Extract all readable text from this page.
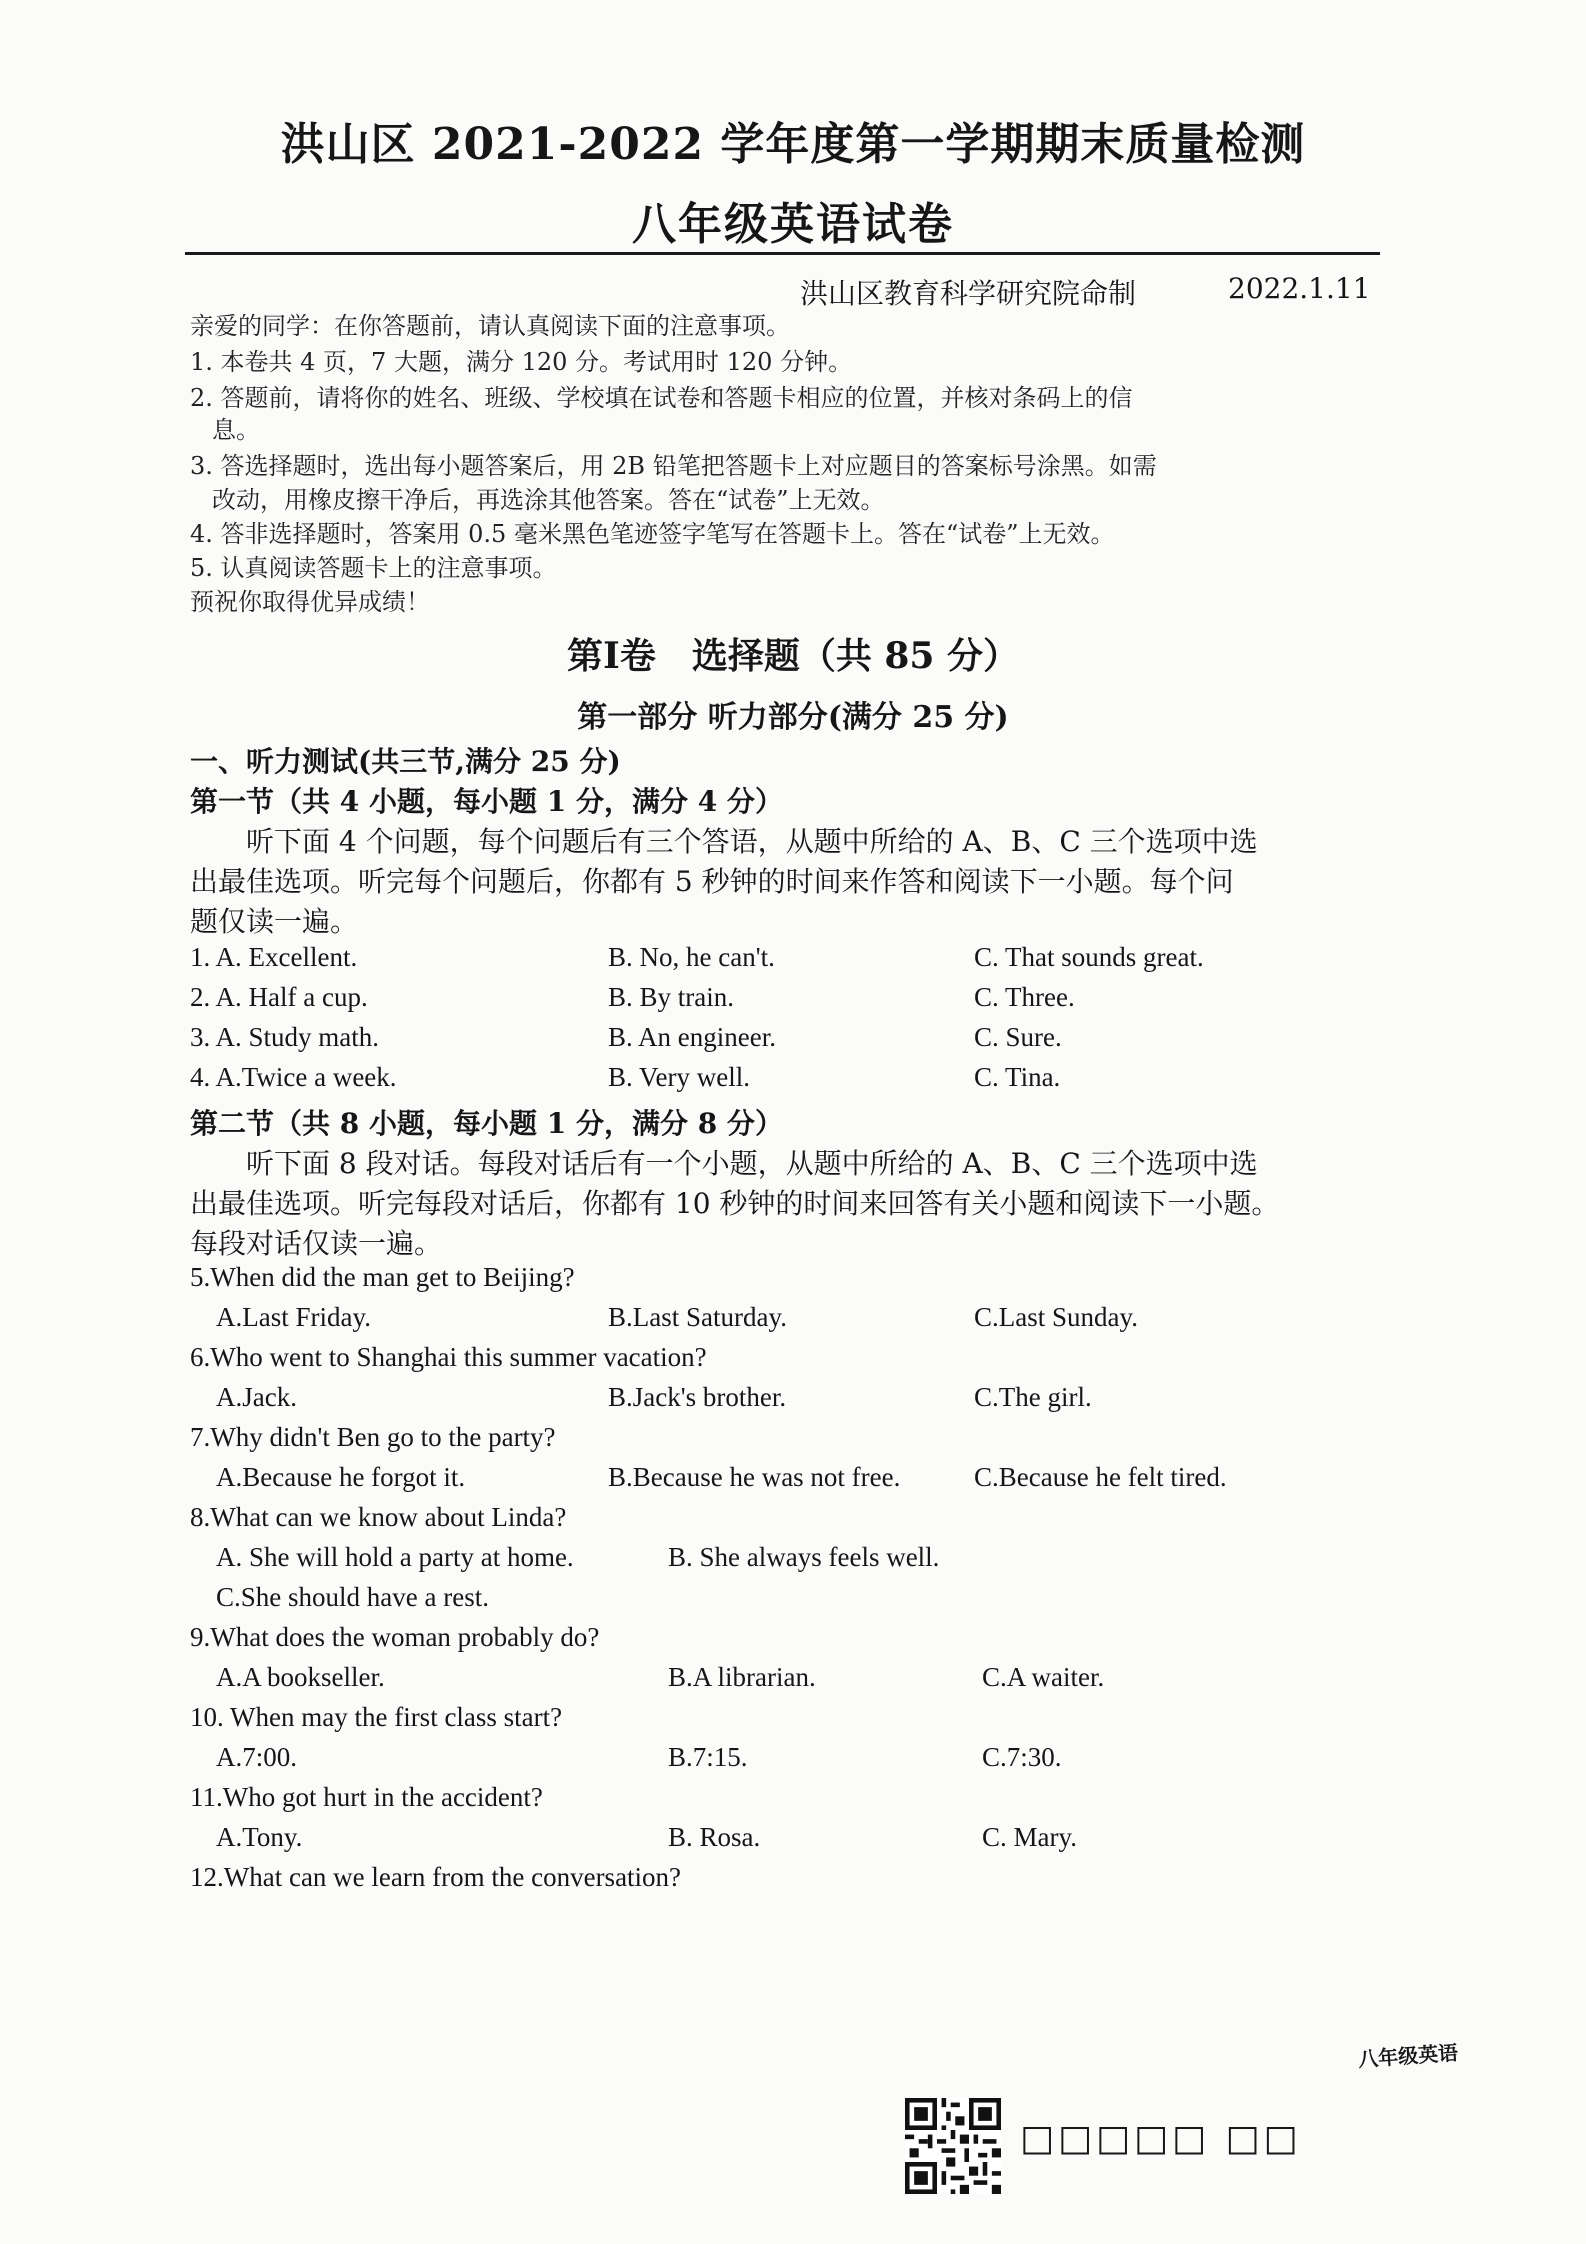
洪山区 2021-2022 学年度第一学期期末质量检测
八年级英语试卷
洪山区教育科学研究院命制	2022.1.11
亲爱的同学：在你答题前，请认真阅读下面的注意事项。
1. 本卷共 4 页，7 大题，满分 120 分。考试用时 120 分钟。
2. 答题前，请将你的姓名、班级、学校填在试卷和答题卡相应的位置，并核对条码上的信
息。
3. 答选择题时，选出每小题答案后，用 2B 铅笔把答题卡上对应题目的答案标号涂黑。如需
改动，用橡皮擦干净后，再选涂其他答案。答在“试卷”上无效。
4. 答非选择题时，答案用 0.5 毫米黑色笔迹签字笔写在答题卡上。答在“试卷”上无效。
5. 认真阅读答题卡上的注意事项。
预祝你取得优异成绩！
第Ⅰ卷　选择题（共 85 分）
第一部分 听力部分(满分 25 分)
一、听力测试(共三节,满分 25 分)
第一节（共 4 小题，每小题 1 分，满分 4 分）
　　听下面 4 个问题，每个问题后有三个答语，从题中所给的 A、B、C 三个选项中选
出最佳选项。听完每个问题后，你都有 5 秒钟的时间来作答和阅读下一小题。每个问
题仅读一遍。
1. A. Excellent.	B. No, he can't.	C. That sounds great.
2. A. Half a cup.	B. By train.	C. Three.
3. A. Study math.	B. An engineer.	C. Sure.
4. A.Twice a week.	B. Very well.	C. Tina.
第二节（共 8 小题，每小题 1 分，满分 8 分）
　　听下面 8 段对话。每段对话后有一个小题，从题中所给的 A、B、C 三个选项中选
出最佳选项。听完每段对话后，你都有 10 秒钟的时间来回答有关小题和阅读下一小题。
每段对话仅读一遍。
5.When did the man get to Beijing?
A.Last Friday.	B.Last Saturday.	C.Last Sunday.
6.Who went to Shanghai this summer vacation?
A.Jack.	B.Jack's brother.	C.The girl.
7.Why didn't Ben go to the party?
A.Because he forgot it.	B.Because he was not free.	C.Because he felt tired.
8.What can we know about Linda?
A. She will hold a party at home.	B. She always feels well.
C.She should have a rest.
9.What does the woman probably do?
A.A bookseller.	B.A librarian.	C.A waiter.
10. When may the first class start?
A.7:00.	B.7:15.	C.7:30.
11.Who got hurt in the accident?
A.Tony.	B. Rosa.	C. Mary.
12.What can we learn from the conversation?
八年级英语
□□□□□ □□
